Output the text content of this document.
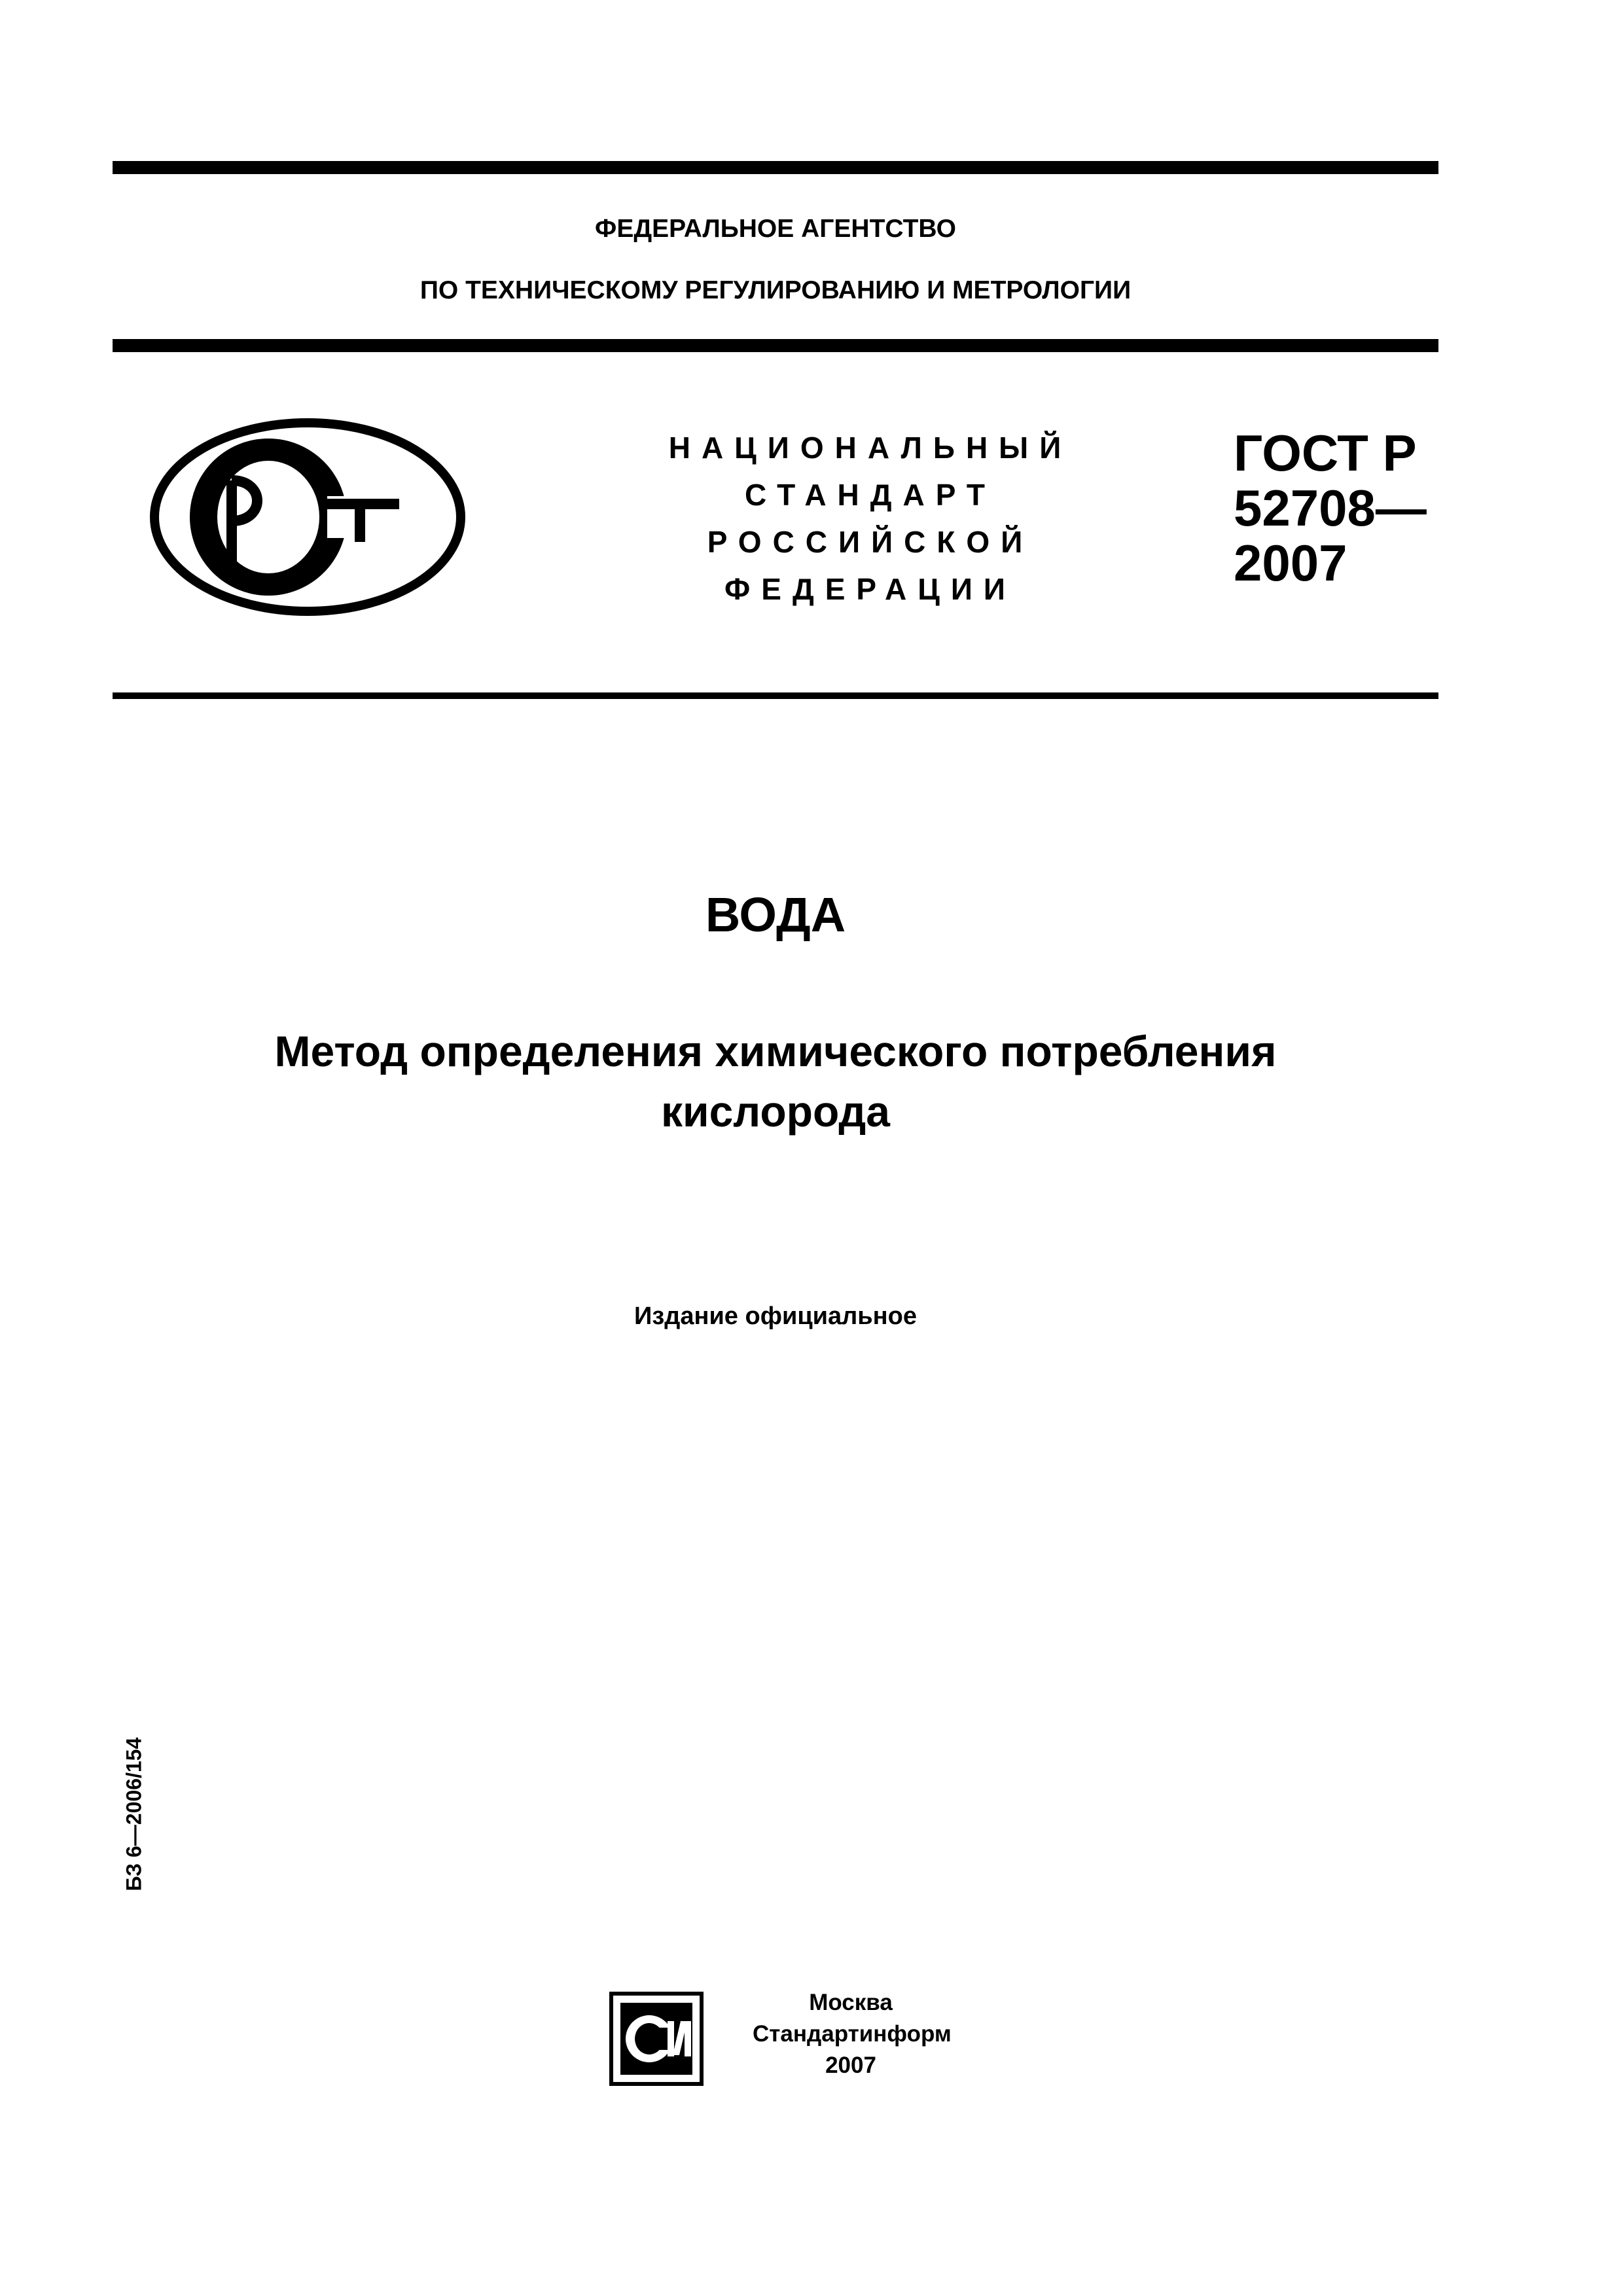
ФЕДЕРАЛЬНОЕ АГЕНТСТВО
ПО ТЕХНИЧЕСКОМУ РЕГУЛИРОВАНИЮ И МЕТРОЛОГИИ
НАЦИОНАЛЬНЫЙ
СТАНДАРТ
РОССИЙСКОЙ
ФЕДЕРАЦИИ
ГОСТ Р
52708—
2007
ВОДА
Метод определения химического потребления
кислорода
Издание официальное
БЗ 6—2006/154
Москва
Стандартинформ
2007
